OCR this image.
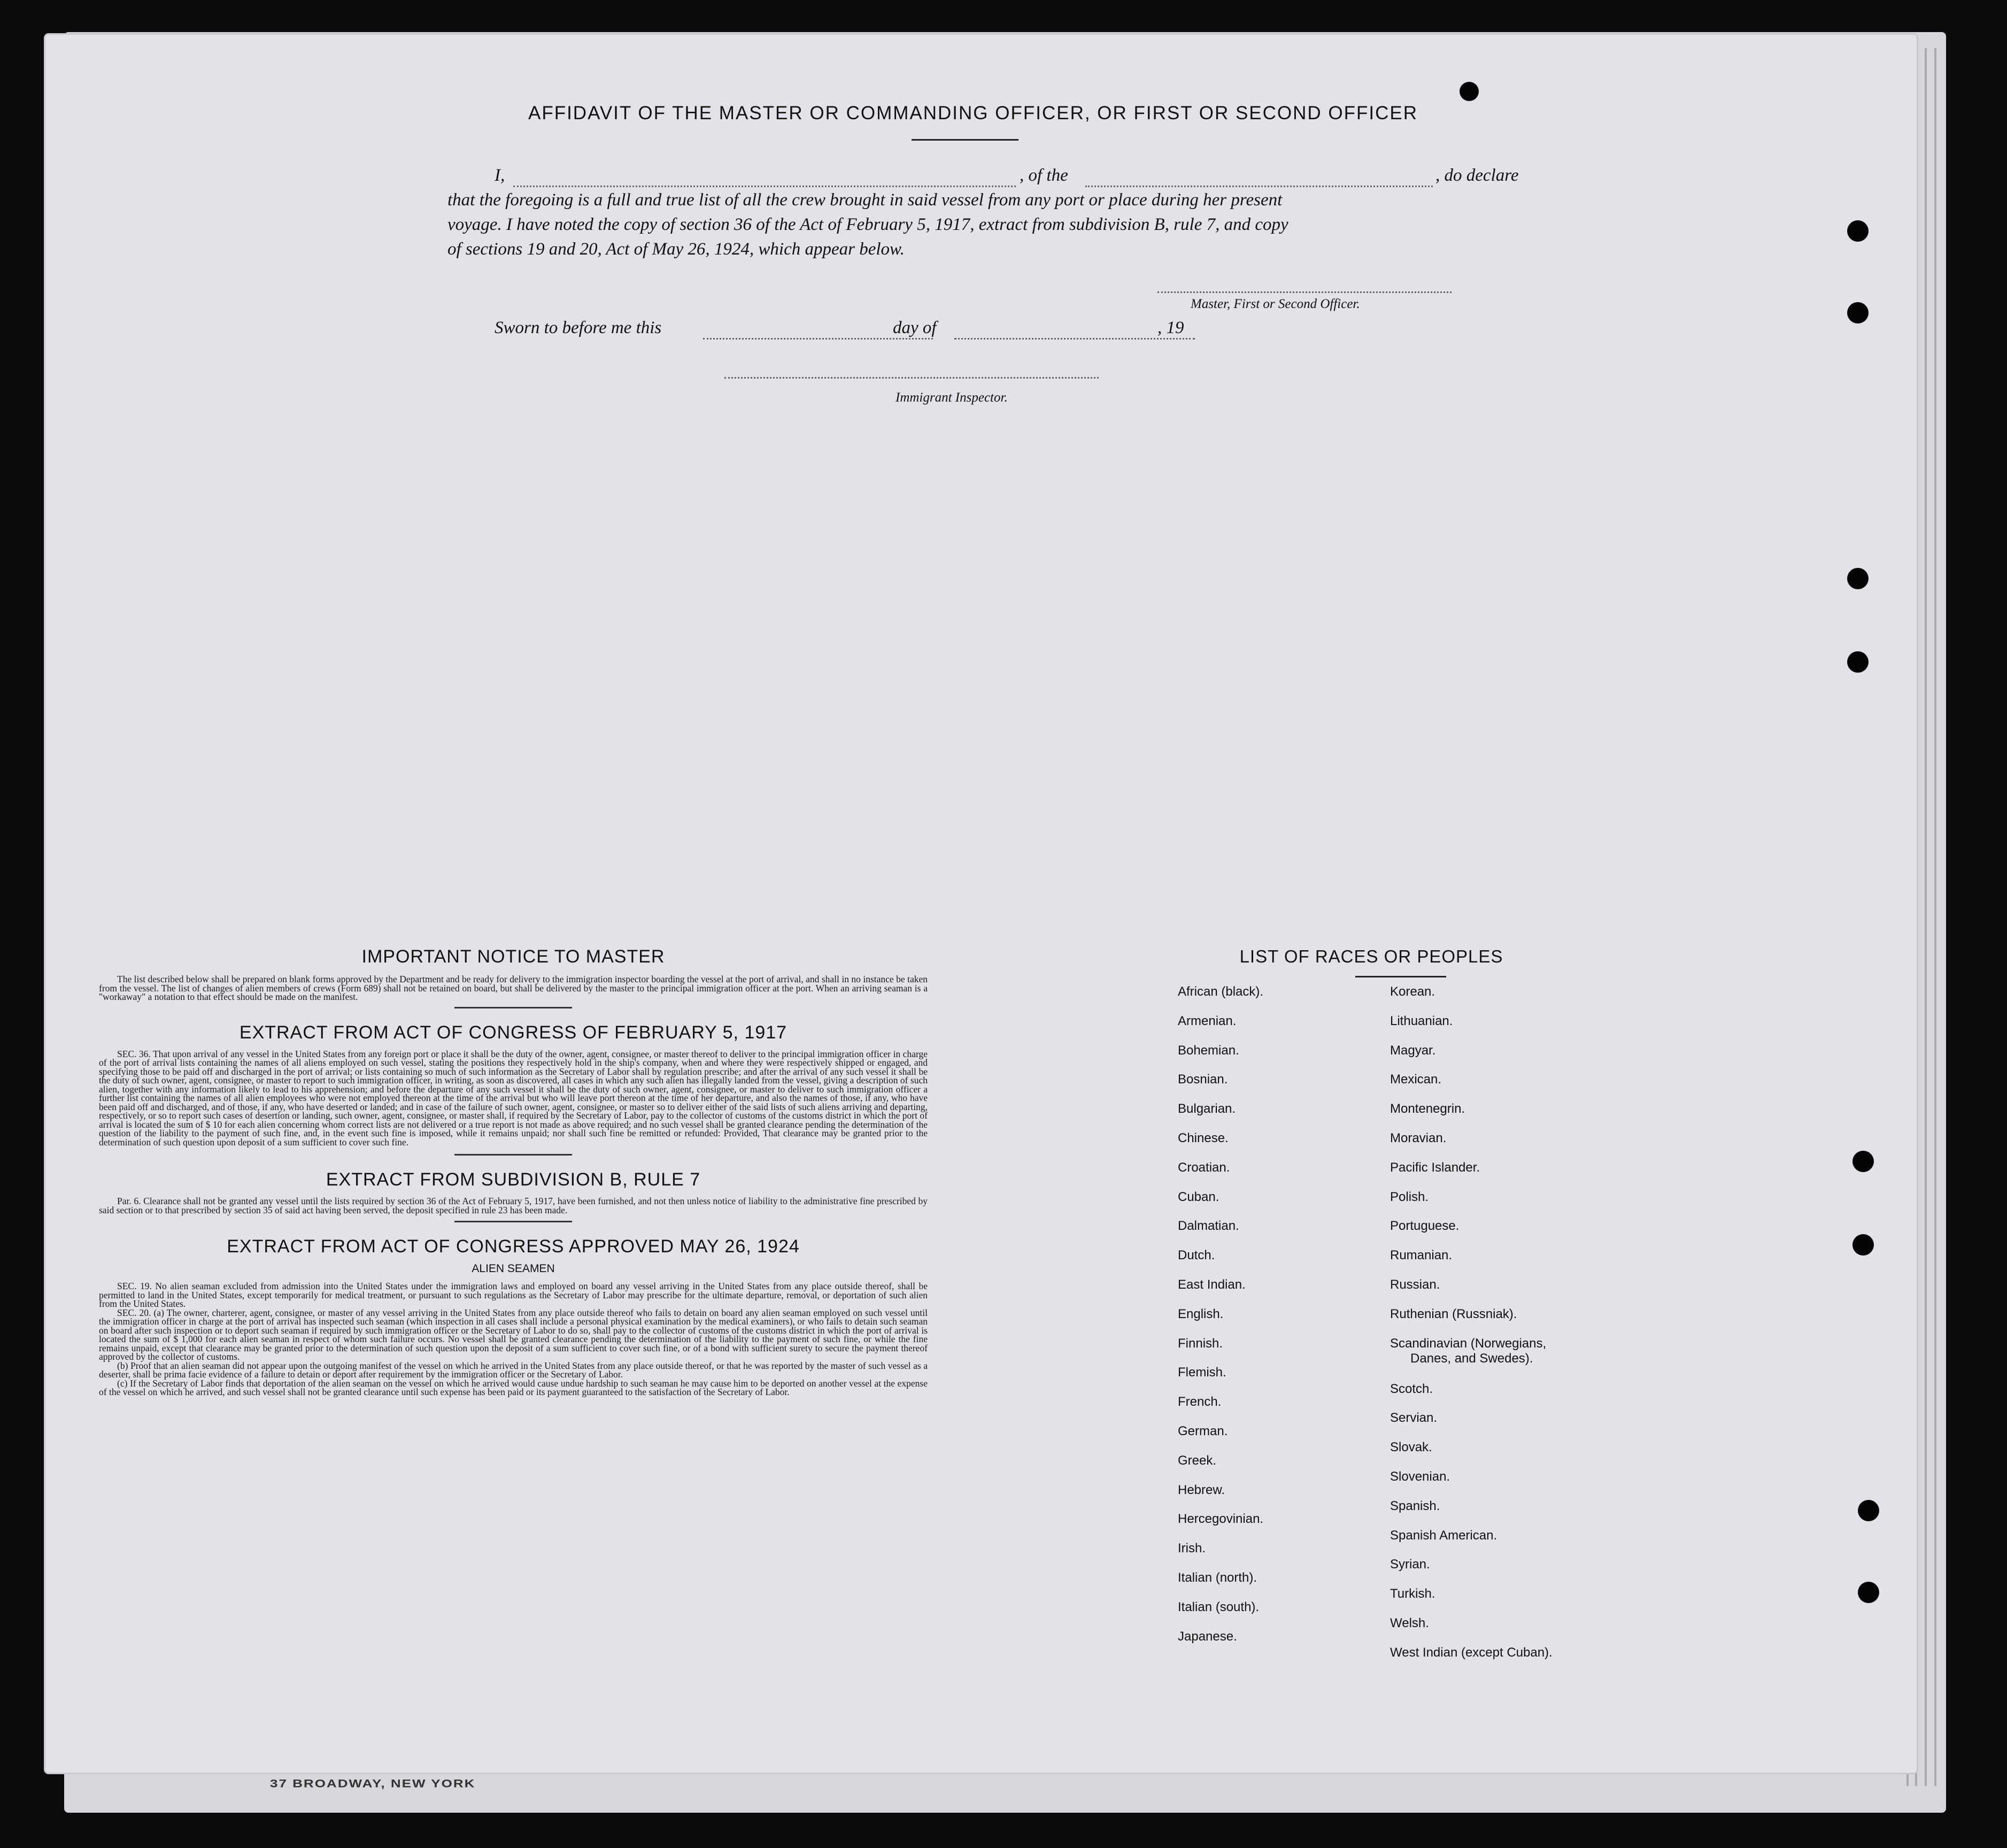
AFFIDAVIT OF THE MASTER OR COMMANDING OFFICER, OR FIRST OR SECOND OFFICER
I,	, of the	, do declare
that the foregoing is a full and true list of all the crew brought in said vessel from any port or place during her present
voyage. I have noted the copy of section 36 of the Act of February 5, 1917, extract from subdivision B, rule 7, and copy
of sections 19 and 20, Act of May 26, 1924, which appear below.
Master, First or Second Officer.
Sworn to before me this	day of	, 19
Immigrant Inspector.
IMPORTANT NOTICE TO MASTER

The list described below shall be prepared on blank forms approved by the Department and be ready for delivery to the immigration inspector boarding the vessel at the port of arrival, and shall in no instance be taken from the vessel. The list of changes of alien members of crews (Form 689) shall not be retained on board, but shall be delivered by the master to the principal immigration officer at the port. When an arriving seaman is a "workaway" a notation to that effect should be made on the manifest.

EXTRACT FROM ACT OF CONGRESS OF FEBRUARY 5, 1917

SEC. 36. That upon arrival of any vessel in the United States from any foreign port or place it shall be the duty of the owner, agent, consignee, or master thereof to deliver to the principal immigration officer in charge of the port of arrival lists containing the names of all aliens employed on such vessel, stating the positions they respectively hold in the ship's company, when and where they were respectively shipped or engaged, and specifying those to be paid off and discharged in the port of arrival; or lists containing so much of such information as the Secretary of Labor shall by regulation prescribe; and after the arrival of any such vessel it shall be the duty of such owner, agent, consignee, or master to report to such immigration officer, in writing, as soon as discovered, all cases in which any such alien has illegally landed from the vessel, giving a description of such alien, together with any information likely to lead to his apprehension; and before the departure of any such vessel it shall be the duty of such owner, agent, consignee, or master to deliver to such immigration officer a further list containing the names of all alien employees who were not employed thereon at the time of the arrival but who will leave port thereon at the time of her departure, and also the names of those, if any, who have been paid off and discharged, and of those, if any, who have deserted or landed; and in case of the failure of such owner, agent, consignee, or master so to deliver either of the said lists of such aliens arriving and departing, respectively, or so to report such cases of desertion or landing, such owner, agent, consignee, or master shall, if required by the Secretary of Labor, pay to the collector of customs of the customs district in which the port of arrival is located the sum of $ 10 for each alien concerning whom correct lists are not delivered or a true report is not made as above required; and no such vessel shall be granted clearance pending the determination of the question of the liability to the payment of such fine, and, in the event such fine is imposed, while it remains unpaid; nor shall such fine be remitted or refunded: Provided, That clearance may be granted prior to the determination of such question upon deposit of a sum sufficient to cover such fine.

EXTRACT FROM SUBDIVISION B, RULE 7

Par. 6. Clearance shall not be granted any vessel until the lists required by section 36 of the Act of February 5, 1917, have been furnished, and not then unless notice of liability to the administrative fine prescribed by said section or to that prescribed by section 35 of said act having been served, the deposit specified in rule 23 has been made.

EXTRACT FROM ACT OF CONGRESS APPROVED MAY 26, 1924
ALIEN SEAMEN

SEC. 19. No alien seaman excluded from admission into the United States under the immigration laws and employed on board any vessel arriving in the United States from any place outside thereof, shall be permitted to land in the United States, except temporarily for medical treatment, or pursuant to such regulations as the Secretary of Labor may prescribe for the ultimate departure, removal, or deportation of such alien from the United States.

SEC. 20. (a) The owner, charterer, agent, consignee, or master of any vessel arriving in the United States from any place outside thereof who fails to detain on board any alien seaman employed on such vessel until the immigration officer in charge at the port of arrival has inspected such seaman (which inspection in all cases shall include a personal physical examination by the medical examiners), or who fails to detain such seaman on board after such inspection or to deport such seaman if required by such immigration officer or the Secretary of Labor to do so, shall pay to the collector of customs of the customs district in which the port of arrival is located the sum of $ 1,000 for each alien seaman in respect of whom such failure occurs. No vessel shall be granted clearance pending the determination of the liability to the payment of such fine, or while the fine remains unpaid, except that clearance may be granted prior to the determination of such question upon the deposit of a sum sufficient to cover such fine, or of a bond with sufficient surety to secure the payment thereof approved by the collector of customs.

(b) Proof that an alien seaman did not appear upon the outgoing manifest of the vessel on which he arrived in the United States from any place outside thereof, or that he was reported by the master of such vessel as a deserter, shall be prima facie evidence of a failure to detain or deport after requirement by the immigration officer or the Secretary of Labor.

(c) If the Secretary of Labor finds that deportation of the alien seaman on the vessel on which he arrived would cause undue hardship to such seaman he may cause him to be deported on another vessel at the expense of the vessel on which he arrived, and such vessel shall not be granted clearance until such expense has been paid or its payment guaranteed to the satisfaction of the Secretary of Labor.

LIST OF RACES OR PEOPLES
37 BROADWAY, NEW YORK
African (black).
Armenian.
Bohemian.
Bosnian.
Bulgarian.
Chinese.
Croatian.
Cuban.
Dalmatian.
Dutch.
East Indian.
English.
Finnish.
Flemish.
French.
German.
Greek.
Hebrew.
Hercegovinian.
Irish.
Italian (north).
Italian (south).
Japanese.
Korean.
Lithuanian.
Magyar.
Mexican.
Montenegrin.
Moravian.
Pacific Islander.
Polish.
Portuguese.
Rumanian.
Russian.
Ruthenian (Russniak).
Scandinavian (Norwegians,
Danes, and Swedes).
Scotch.
Servian.
Slovak.
Slovenian.
Spanish.
Spanish American.
Syrian.
Turkish.
Welsh.
West Indian (except Cuban).
